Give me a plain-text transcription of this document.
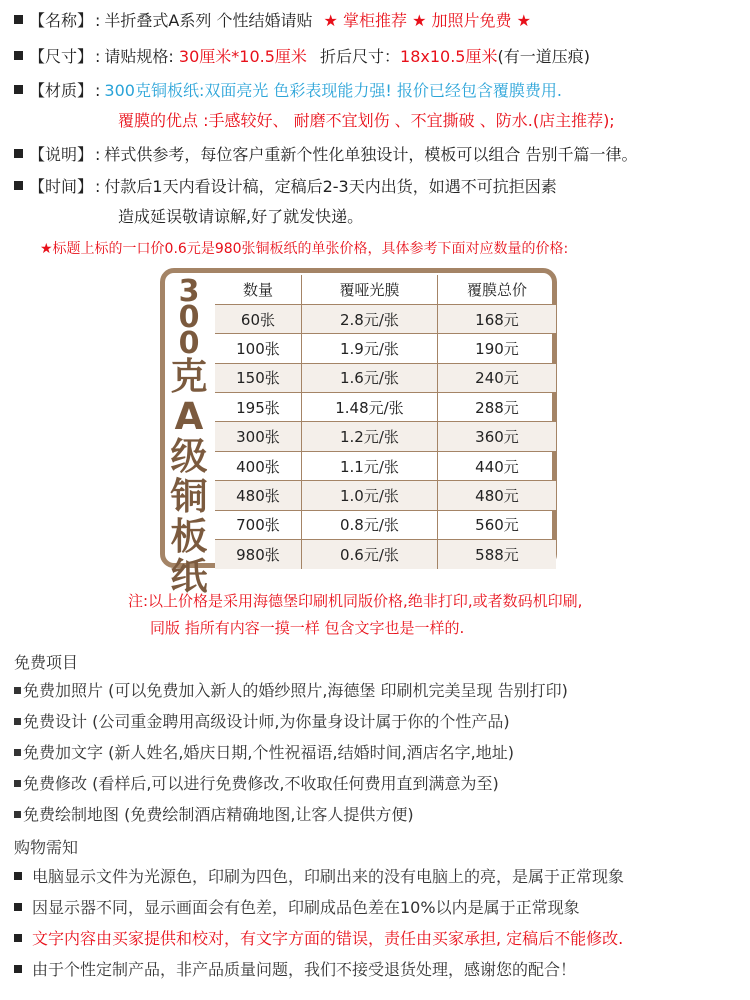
【名称】 : 半折叠式A系列 个性结婚请贴 ★ 掌柜推荐 ★ 加照片免费 ★
【尺寸】 : 请贴规格: 30厘米*10.5厘米 折后尺寸：18x10.5厘米(有一道压痕)
【材质】 : 300克铜板纸:双面亮光 色彩表现能力强! 报价已经包含覆膜费用.
覆膜的优点 :手感较好、 耐磨不宜划伤 、不宜撕破 、防水.(店主推荐);
【说明】 : 样式供参考，每位客户重新个性化单独设计，模板可以组合 告别千篇一律。
【时间】 : 付款后1天内看设计稿，定稿后2-3天内出货，如遇不可抗拒因素
造成延误敬请谅解,好了就发快递。
★标题上标的一口价0.6元是980张铜板纸的单张价格，具体参考下面对应数量的价格:
3
0
0
克
A
级
铜
板
纸
数量	覆哑光膜	覆膜总价
60张	2.8元/张	168元
100张	1.9元/张	190元
150张	1.6元/张	240元
195张	1.48元/张	288元
300张	1.2元/张	360元
400张	1.1元/张	440元
480张	1.0元/张	480元
700张	0.8元/张	560元
980张	0.6元/张	588元
注:以上价格是采用海德堡印刷机同版价格,绝非打印,或者数码机印刷,
同版 指所有内容一摸一样 包含文字也是一样的.
免费项目
免费加照片 (可以免费加入新人的婚纱照片,海德堡 印刷机完美呈现 告别打印)
免费设计 (公司重金聘用高级设计师,为你量身设计属于你的个性产品)
免费加文字 (新人姓名,婚庆日期,个性祝福语,结婚时间,酒店名字,地址)
免费修改 (看样后,可以进行免费修改,不收取任何费用直到满意为至)
免费绘制地图 (免费绘制酒店精确地图,让客人提供方便)
购物需知
电脑显示文件为光源色，印刷为四色，印刷出来的没有电脑上的亮，是属于正常现象
因显示器不同，显示画面会有色差，印刷成品色差在10%以内是属于正常现象
文字内容由买家提供和校对，有文字方面的错误，责任由买家承担, 定稿后不能修改.
由于个性定制产品，非产品质量问题，我们不接受退货处理，感谢您的配合！
